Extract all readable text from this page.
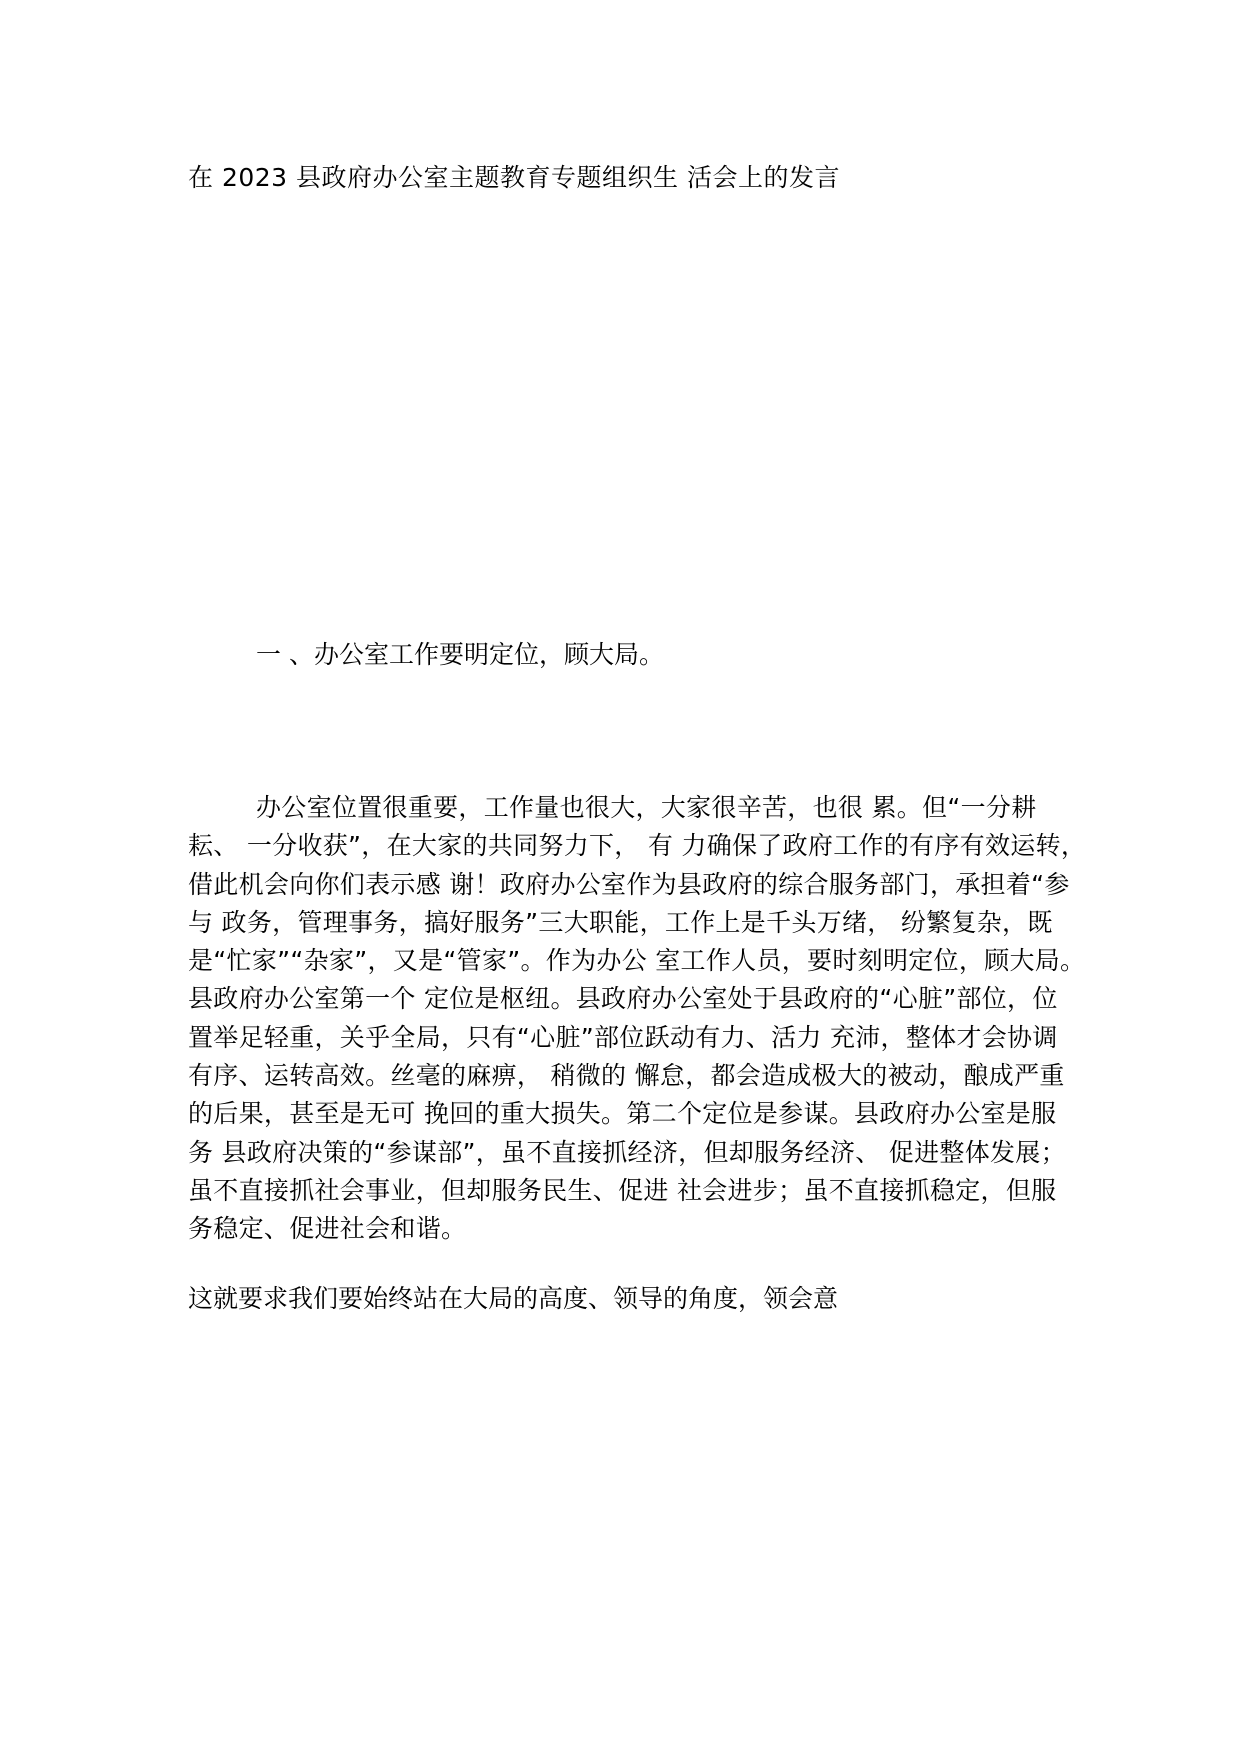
在 2023 县政府办公室主题教育专题组织生 活会上的发言
一 、办公室工作要明定位，顾大局。
办公室位置很重要，工作量也很大，大家很辛苦，也很 累。但“一分耕
耘、 一分收获”，在大家的共同努力下， 有 力确保了政府工作的有序有效运转，
借此机会向你们表示感 谢！政府办公室作为县政府的综合服务部门，承担着“参
与 政务，管理事务，搞好服务”三大职能，工作上是千头万绪， 纷繁复杂，既
是“忙家”“杂家”，又是“管家”。作为办公 室工作人员，要时刻明定位，顾大局。
县政府办公室第一个 定位是枢纽。县政府办公室处于县政府的“心脏”部位，位
置举足轻重，关乎全局，只有“心脏”部位跃动有力、活力 充沛，整体才会协调
有序、运转高效。丝毫的麻痹， 稍微的 懈怠，都会造成极大的被动，酿成严重
的后果，甚至是无可 挽回的重大损失。第二个定位是参谋。县政府办公室是服
务 县政府决策的“参谋部”，虽不直接抓经济，但却服务经济、 促进整体发展；
虽不直接抓社会事业，但却服务民生、促进 社会进步；虽不直接抓稳定，但服
务稳定、促进社会和谐。
这就要求我们要始终站在大局的高度、领导的角度，领会意
